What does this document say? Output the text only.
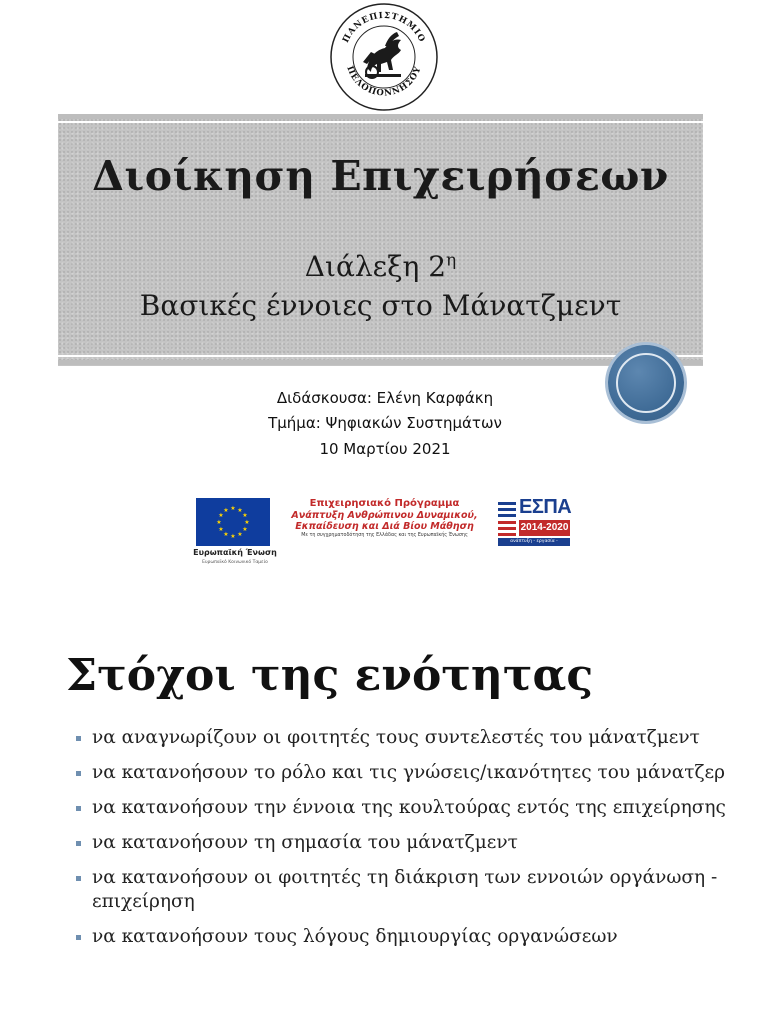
ΠΑΝΕΠΙΣΤΗΜΙΟ
ΠΕΛΟΠΟΝΝΗΣΟΥ
Διοίκηση Επιχειρήσεων
Διάλεξη $2^\eta$
Βασικές έννοιες στο Μάνατζμεντ
Διδάσκουσα: Ελένη Καρφάκη
Τμήμα: Ψηφιακών Συστημάτων
10 Μαρτίου 2021
★ ★
★
★
★
★
★
★
★
★
★
★
Ευρωπαϊκή Ένωση
Ευρωπαϊκό Κοινωνικό Ταμείο
Επιχειρησιακό Πρόγραμμα
Ανάπτυξη Ανθρώπινου Δυναμικού,
Εκπαίδευση και Διά Βίου Μάθηση
Με τη συγχρηματοδότηση της Ελλάδας και της Ευρωπαϊκής Ένωσης
ΕΣΠΑ
2014-2020
ανάπτυξη - εργασία - αλληλεγγύη
Στόχοι της ενότητας
να αναγνωρίζουν οι φοιτητές τους συντελεστές του μάνατζμεντ
να κατανοήσουν το ρόλο και τις γνώσεις/ικανότητες του μάνατζερ
να κατανοήσουν την έννοια της κουλτούρας εντός της επιχείρησης
να κατανοήσουν τη σημασία του μάνατζμεντ
να κατανοήσουν οι φοιτητές τη διάκριση των εννοιών οργάνωση - επιχείρηση
να κατανοήσουν τους λόγους δημιουργίας οργανώσεων
